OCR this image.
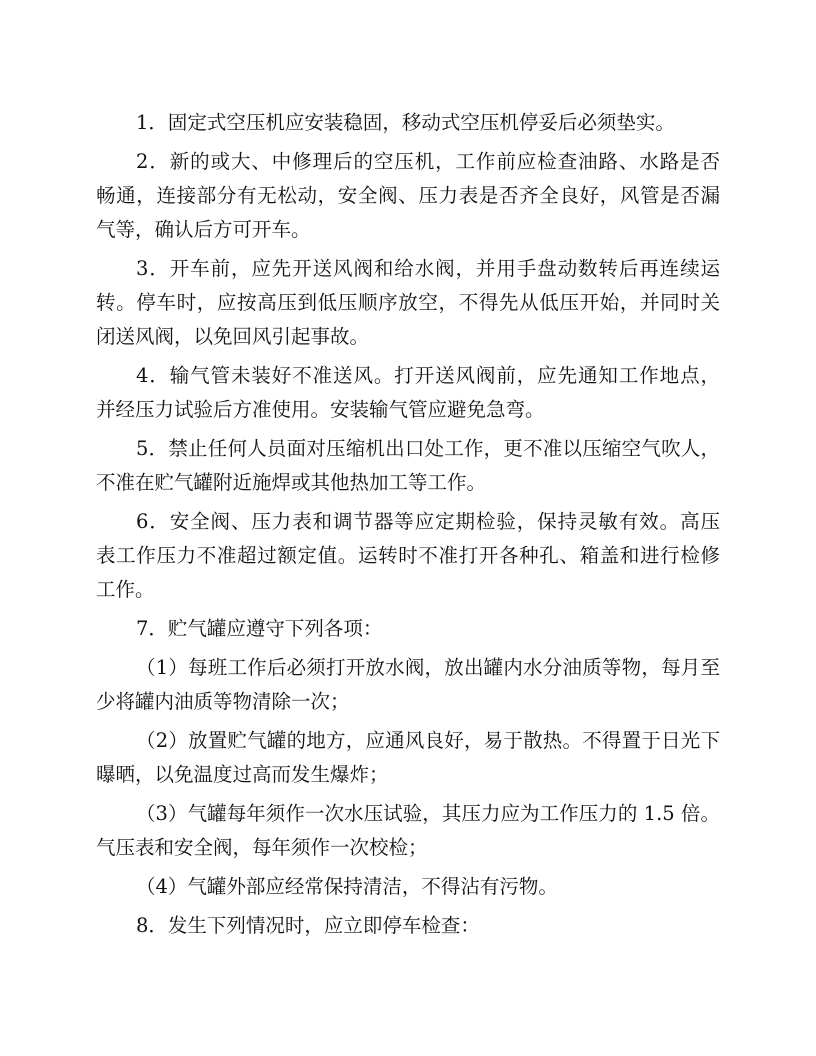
1．固定式空压机应安装稳固，移动式空压机停妥后必须垫实。

2．新的或大、中修理后的空压机，工作前应检查油路、水路是否
畅通，连接部分有无松动，安全阀、压力表是否齐全良好，风管是否漏
气等，确认后方可开车。

3．开车前，应先开送风阀和给水阀，并用手盘动数转后再连续运
转。停车时，应按高压到低压顺序放空，不得先从低压开始，并同时关
闭送风阀，以免回风引起事故。

4．输气管未装好不准送风。打开送风阀前，应先通知工作地点，
并经压力试验后方准使用。安装输气管应避免急弯。

5．禁止任何人员面对压缩机出口处工作，更不准以压缩空气吹人，
不准在贮气罐附近施焊或其他热加工等工作。

6．安全阀、压力表和调节器等应定期检验，保持灵敏有效。高压
表工作压力不准超过额定值。运转时不准打开各种孔、箱盖和进行检修
工作。

7．贮气罐应遵守下列各项：

（1）每班工作后必须打开放水阀，放出罐内水分油质等物，每月至
少将罐内油质等物清除一次；

（2）放置贮气罐的地方，应通风良好，易于散热。不得置于日光下
曝晒，以免温度过高而发生爆炸；

（3）气罐每年须作一次水压试验，其压力应为工作压力的 1.5 倍。
气压表和安全阀，每年须作一次校检；

（4）气罐外部应经常保持清洁，不得沾有污物。

8．发生下列情况时，应立即停车检查：
